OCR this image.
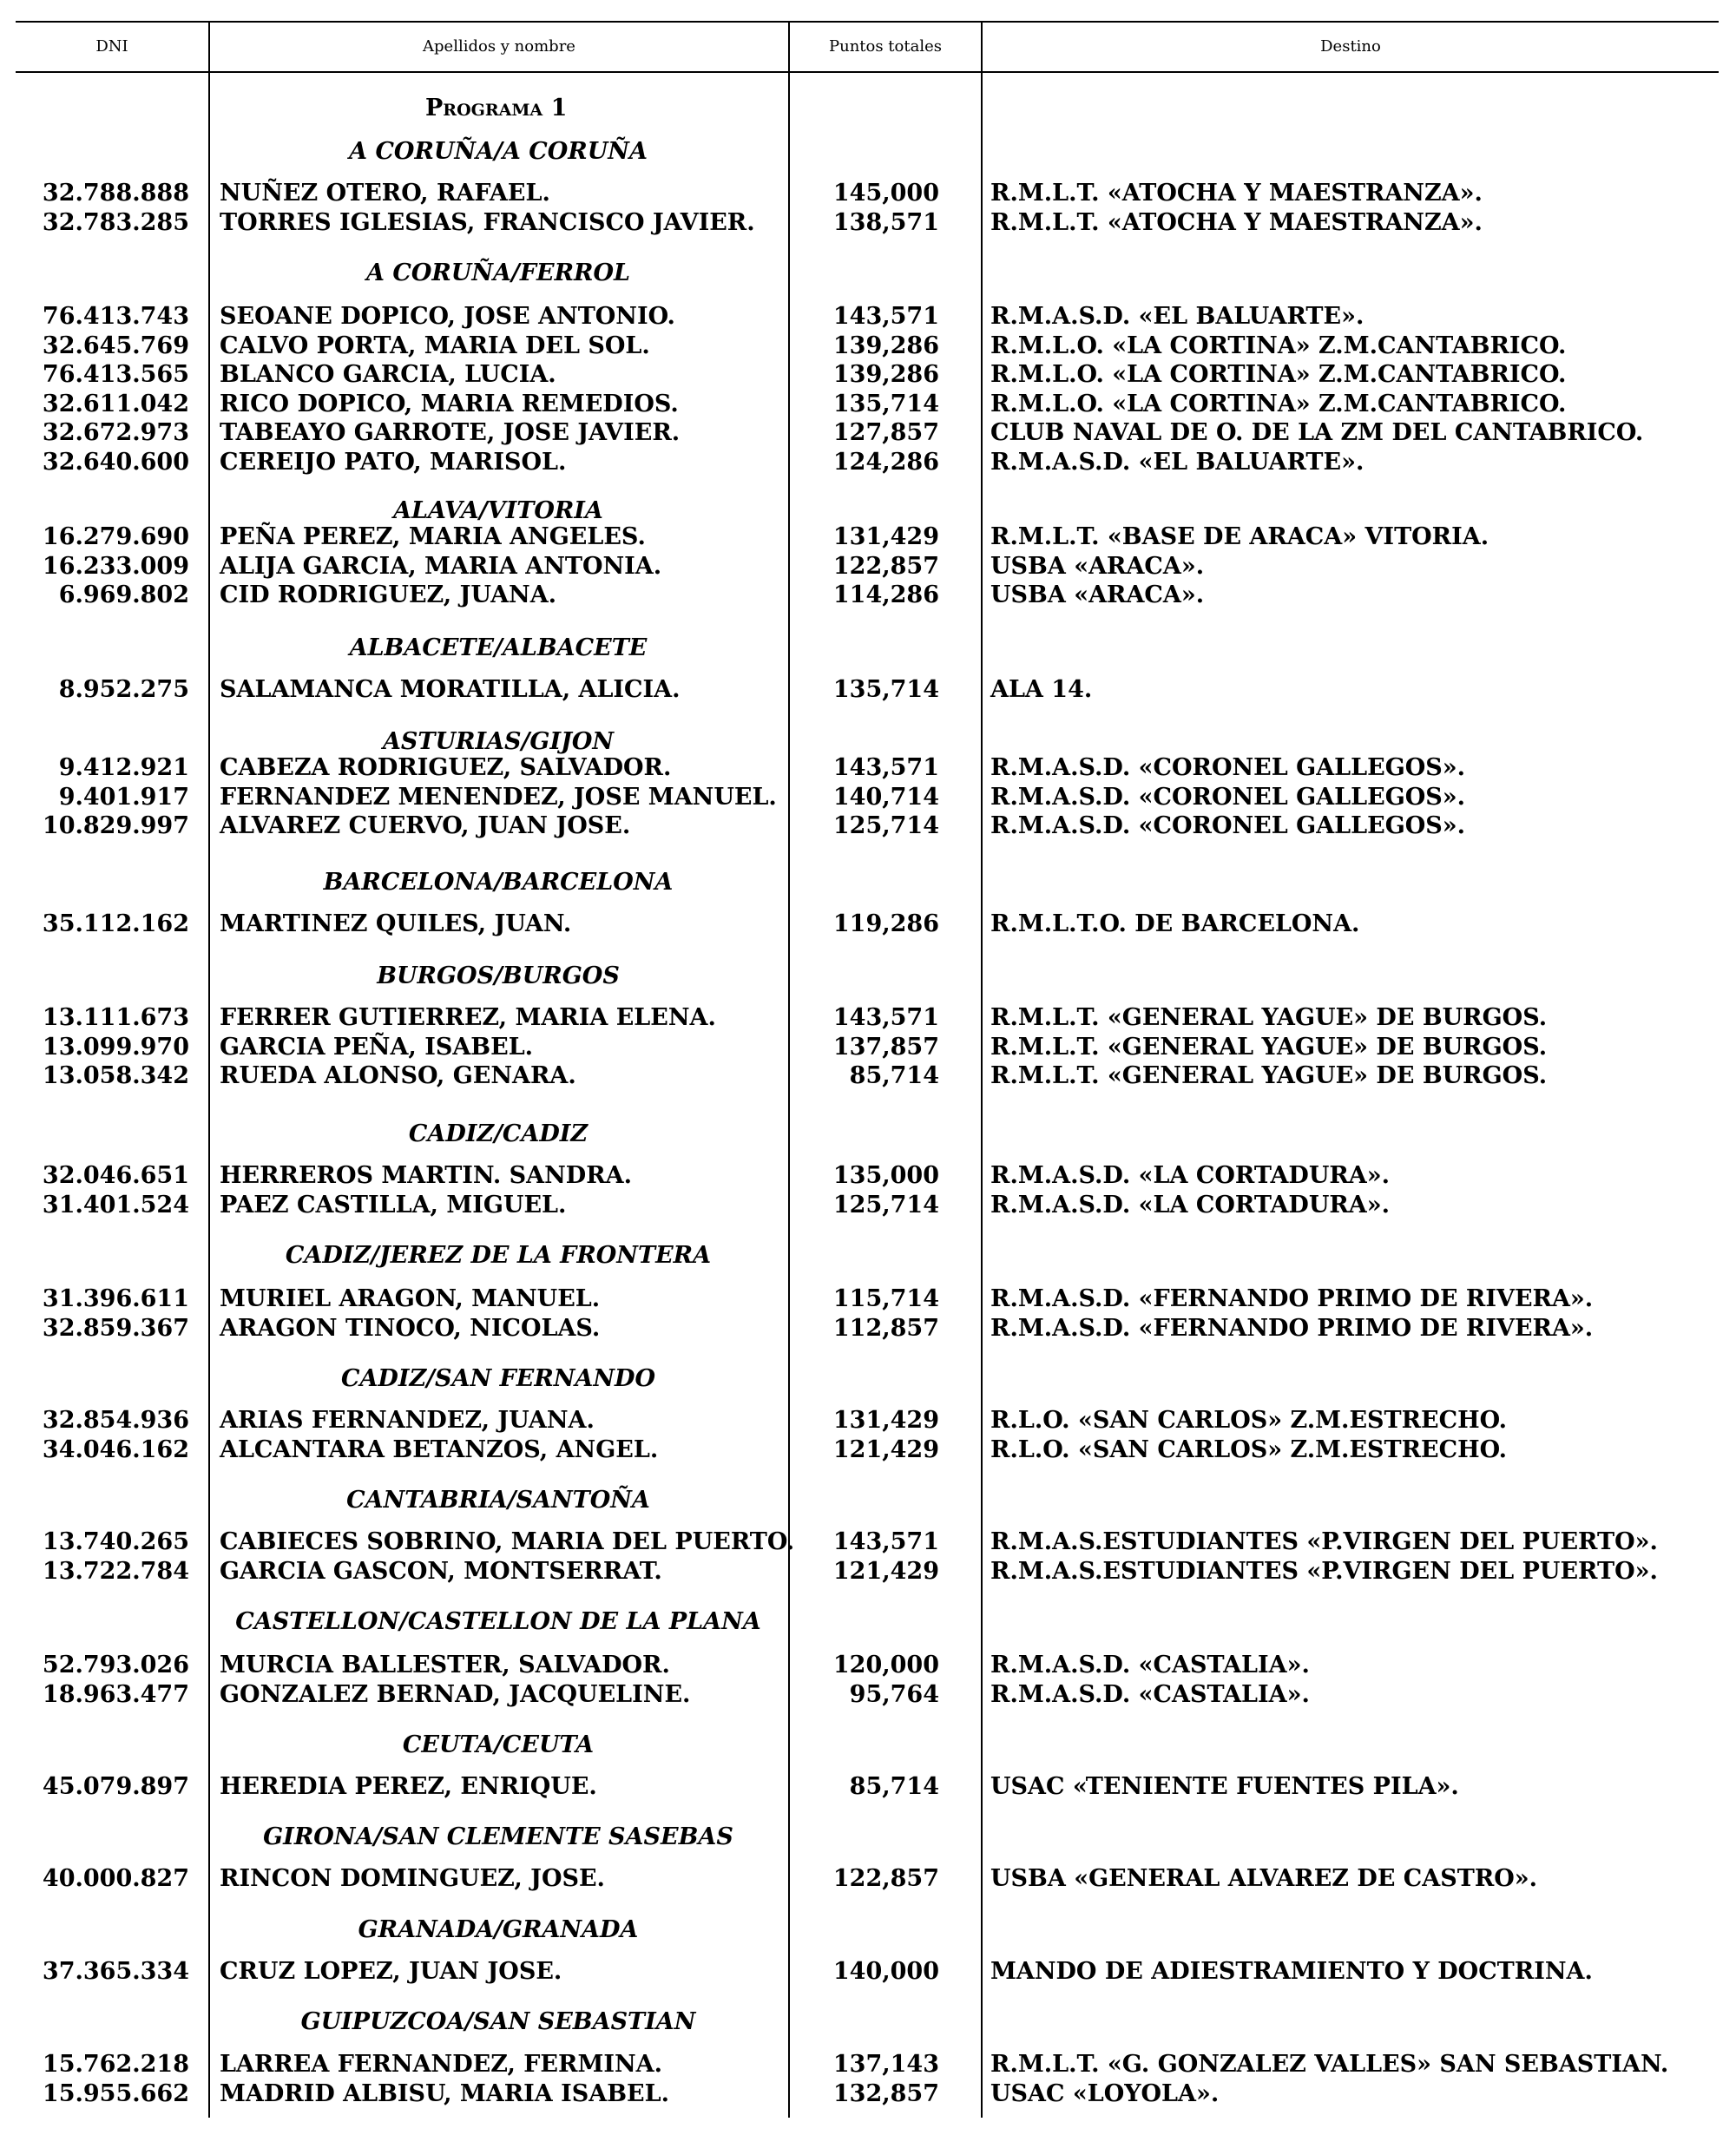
DNI	Apellidos y nombre	Puntos totales	Destino
Programa 1
A CORUÑA/A CORUÑA
32.788.888 NUÑEZ OTERO, RAFAEL.	145,000 R.M.L.T. «ATOCHA Y MAESTRANZA».
32.783.285 TORRES IGLESIAS, FRANCISCO JAVIER.	138,571 R.M.L.T. «ATOCHA Y MAESTRANZA».
A CORUÑA/FERROL
76.413.743 SEOANE DOPICO, JOSE ANTONIO.	143,571 R.M.A.S.D. «EL BALUARTE».
32.645.769 CALVO PORTA, MARIA DEL SOL.	139,286 R.M.L.O. «LA CORTINA» Z.M.CANTABRICO.
76.413.565 BLANCO GARCIA, LUCIA.	139,286 R.M.L.O. «LA CORTINA» Z.M.CANTABRICO.
32.611.042 RICO DOPICO, MARIA REMEDIOS.	135,714 R.M.L.O. «LA CORTINA» Z.M.CANTABRICO.
32.672.973 TABEAYO GARROTE, JOSE JAVIER.	127,857 CLUB NAVAL DE O. DE LA ZM DEL CANTABRICO.
32.640.600 CEREIJO PATO, MARISOL.	124,286 R.M.A.S.D. «EL BALUARTE».
ALAVA/VITORIA
16.279.690 PEÑA PEREZ, MARIA ANGELES.	131,429 R.M.L.T. «BASE DE ARACA» VITORIA.
16.233.009 ALIJA GARCIA, MARIA ANTONIA.	122,857 USBA «ARACA».
6.969.802 CID RODRIGUEZ, JUANA.	114,286 USBA «ARACA».
ALBACETE/ALBACETE
8.952.275 SALAMANCA MORATILLA, ALICIA.	135,714 ALA 14.
ASTURIAS/GIJON
9.412.921 CABEZA RODRIGUEZ, SALVADOR.	143,571 R.M.A.S.D. «CORONEL GALLEGOS».
9.401.917 FERNANDEZ MENENDEZ, JOSE MANUEL.	140,714 R.M.A.S.D. «CORONEL GALLEGOS».
10.829.997 ALVAREZ CUERVO, JUAN JOSE.	125,714 R.M.A.S.D. «CORONEL GALLEGOS».
BARCELONA/BARCELONA
35.112.162 MARTINEZ QUILES, JUAN.	119,286 R.M.L.T.O. DE BARCELONA.
BURGOS/BURGOS
13.111.673 FERRER GUTIERREZ, MARIA ELENA.	143,571 R.M.L.T. «GENERAL YAGUE» DE BURGOS.
13.099.970 GARCIA PEÑA, ISABEL.	137,857 R.M.L.T. «GENERAL YAGUE» DE BURGOS.
13.058.342 RUEDA ALONSO, GENARA.	85,714 R.M.L.T. «GENERAL YAGUE» DE BURGOS.
CADIZ/CADIZ
32.046.651 HERREROS MARTIN. SANDRA.	135,000 R.M.A.S.D. «LA CORTADURA».
31.401.524 PAEZ CASTILLA, MIGUEL.	125,714 R.M.A.S.D. «LA CORTADURA».
CADIZ/JEREZ DE LA FRONTERA
31.396.611 MURIEL ARAGON, MANUEL.	115,714 R.M.A.S.D. «FERNANDO PRIMO DE RIVERA».
32.859.367 ARAGON TINOCO, NICOLAS.	112,857 R.M.A.S.D. «FERNANDO PRIMO DE RIVERA».
CADIZ/SAN FERNANDO
32.854.936 ARIAS FERNANDEZ, JUANA.	131,429 R.L.O. «SAN CARLOS» Z.M.ESTRECHO.
34.046.162 ALCANTARA BETANZOS, ANGEL.	121,429 R.L.O. «SAN CARLOS» Z.M.ESTRECHO.
CANTABRIA/SANTOÑA
13.740.265 CABIECES SOBRINO, MARIA DEL PUERTO.	143,571 R.M.A.S.ESTUDIANTES «P.VIRGEN DEL PUERTO».
13.722.784 GARCIA GASCON, MONTSERRAT.	121,429 R.M.A.S.ESTUDIANTES «P.VIRGEN DEL PUERTO».
CASTELLON/CASTELLON DE LA PLANA
52.793.026 MURCIA BALLESTER, SALVADOR.	120,000 R.M.A.S.D. «CASTALIA».
18.963.477 GONZALEZ BERNAD, JACQUELINE.	95,764 R.M.A.S.D. «CASTALIA».
CEUTA/CEUTA
45.079.897 HEREDIA PEREZ, ENRIQUE.	85,714 USAC «TENIENTE FUENTES PILA».
GIRONA/SAN CLEMENTE SASEBAS
40.000.827 RINCON DOMINGUEZ, JOSE.	122,857 USBA «GENERAL ALVAREZ DE CASTRO».
GRANADA/GRANADA
37.365.334 CRUZ LOPEZ, JUAN JOSE.	140,000 MANDO DE ADIESTRAMIENTO Y DOCTRINA.
GUIPUZCOA/SAN SEBASTIAN
15.762.218 LARREA FERNANDEZ, FERMINA.	137,143 R.M.L.T. «G. GONZALEZ VALLES» SAN SEBASTIAN.
15.955.662 MADRID ALBISU, MARIA ISABEL.	132,857 USAC «LOYOLA».
